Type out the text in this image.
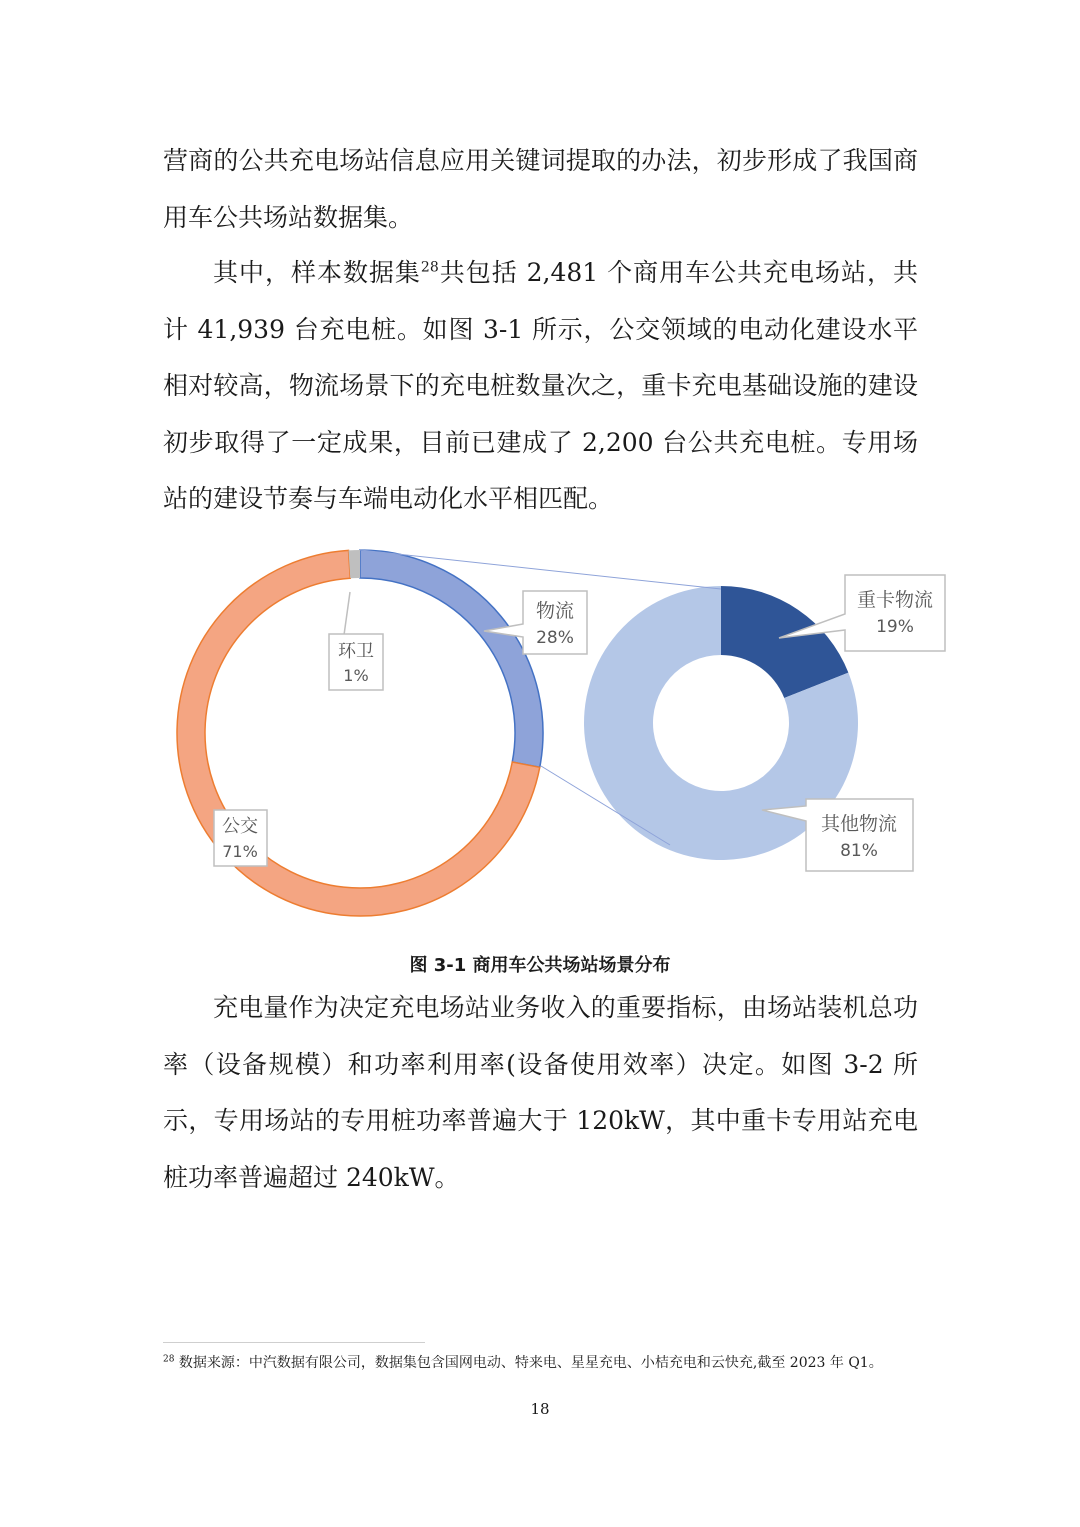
营商的公共充电场站信息应用关键词提取的办法，初步形成了我国商用车公共场站数据集。

其中，样本数据集$^{28}$共包括 2,481 个商用车公共充电场站，共计 41,939 台充电桩。如图 3-1 所示，公交领域的电动化建设水平相对较高，物流场景下的充电桩数量次之，重卡充电基础设施的建设初步取得了一定成果，目前已建成了 2,200 台公共充电桩。专用场站的建设节奏与车端电动化水平相匹配。

物流
28%
环卫
1%
公交
71%
重卡物流
19%
其他物流
81%
图 3-1 商用车公共场站场景分布

充电量作为决定充电场站业务收入的重要指标，由场站装机总功率（设备规模）和功率利用率(设备使用效率）决定。如图 3-2 所示，专用场站的专用桩功率普遍大于 120kW，其中重卡专用站充电桩功率普遍超过 240kW。

$^{28}$ 数据来源：中汽数据有限公司，数据集包含国网电动、特来电、星星充电、小桔充电和云快充,截至 2023 年 Q1。

18
